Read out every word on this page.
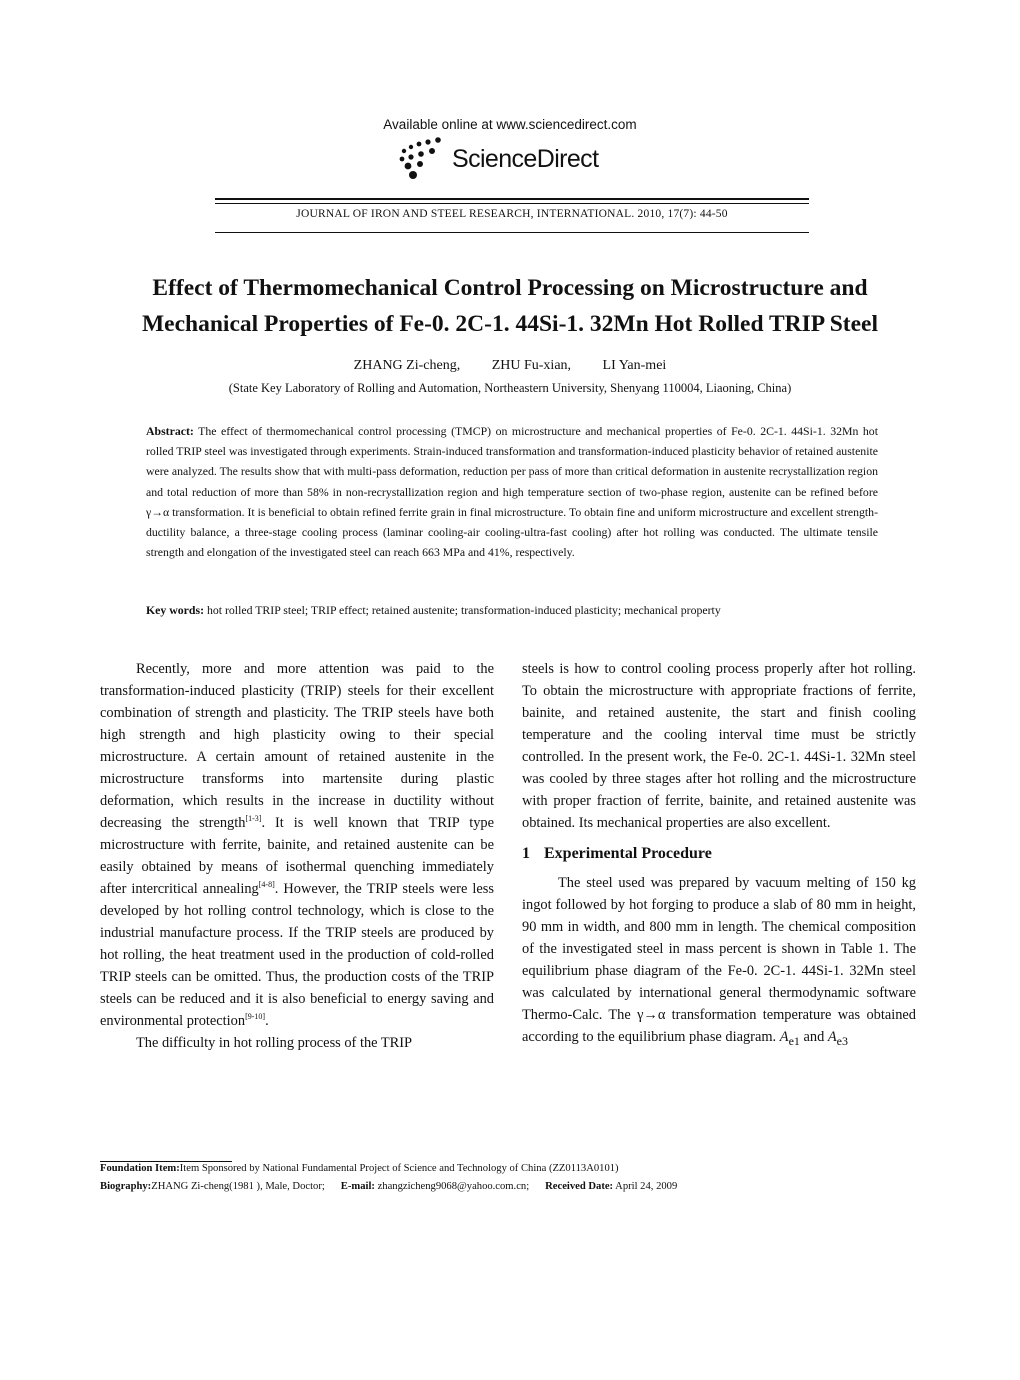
Available online at www.sciencedirect.com
ScienceDirect
JOURNAL OF IRON AND STEEL RESEARCH, INTERNATIONAL. 2010, 17(7): 44-50
Effect of Thermomechanical Control Processing on Microstructure and
Mechanical Properties of Fe-0. 2C-1. 44Si-1. 32Mn Hot Rolled TRIP Steel
ZHANG Zi-cheng, ZHU Fu-xian, LI Yan-mei
(State Key Laboratory of Rolling and Automation, Northeastern University, Shenyang 110004, Liaoning, China)

Abstract: The effect of thermomechanical control processing (TMCP) on microstructure and mechanical properties of Fe-0. 2C-1. 44Si-1. 32Mn hot rolled TRIP steel was investigated through experiments. Strain-induced transformation and transformation-induced plasticity behavior of retained austenite were analyzed. The results show that with multi-pass deformation, reduction per pass of more than critical deformation in austenite recrystallization region and total reduction of more than 58% in non-recrystallization region and high temperature section of two-phase region, austenite can be refined before γ→α transformation. It is beneficial to obtain refined ferrite grain in final microstructure. To obtain fine and uniform microstructure and excellent strength-ductility balance, a three-stage cooling process (laminar cooling-air cooling-ultra-fast cooling) after hot rolling was conducted. The ultimate tensile strength and elongation of the investigated steel can reach 663 MPa and 41%, respectively.

Key words: hot rolled TRIP steel; TRIP effect; retained austenite; transformation-induced plasticity; mechanical property

Recently, more and more attention was paid to the transformation-induced plasticity (TRIP) steels for their excellent combination of strength and plasticity. The TRIP steels have both high strength and high plasticity owing to their special microstructure. A certain amount of retained austenite in the microstructure transforms into martensite during plastic deformation, which results in the increase in ductility without decreasing the strength[1-3]. It is well known that TRIP type microstructure with ferrite, bainite, and retained austenite can be easily obtained by means of isothermal quenching immediately after intercritical annealing[4-8]. However, the TRIP steels were less developed by hot rolling control technology, which is close to the industrial manufacture process. If the TRIP steels are produced by hot rolling, the heat treatment used in the production of cold-rolled TRIP steels can be omitted. Thus, the production costs of the TRIP steels can be reduced and it is also beneficial to energy saving and environmental protection[9-10].

The difficulty in hot rolling process of the TRIP

steels is how to control cooling process properly after hot rolling. To obtain the microstructure with appropriate fractions of ferrite, bainite, and retained austenite, the start and finish cooling temperature and the cooling interval time must be strictly controlled. In the present work, the Fe-0. 2C-1. 44Si-1. 32Mn steel was cooled by three stages after hot rolling and the microstructure with proper fraction of ferrite, bainite, and retained austenite was obtained. Its mechanical properties are also excellent.

1 Experimental Procedure

The steel used was prepared by vacuum melting of 150 kg ingot followed by hot forging to produce a slab of 80 mm in height, 90 mm in width, and 800 mm in length. The chemical composition of the investigated steel in mass percent is shown in Table 1. The equilibrium phase diagram of the Fe-0. 2C-1. 44Si-1. 32Mn steel was calculated by international general thermodynamic software Thermo-Calc. The γ→α transformation temperature was obtained according to the equilibrium phase diagram. $A_{e1}$ and $A_{e3}$

Foundation Item:Item Sponsored by National Fundamental Project of Science and Technology of China (ZZ0113A0101)

Biography:ZHANG Zi-cheng(1981 ), Male, Doctor; E-mail: zhangzicheng9068@yahoo.com.cn; Received Date: April 24, 2009
